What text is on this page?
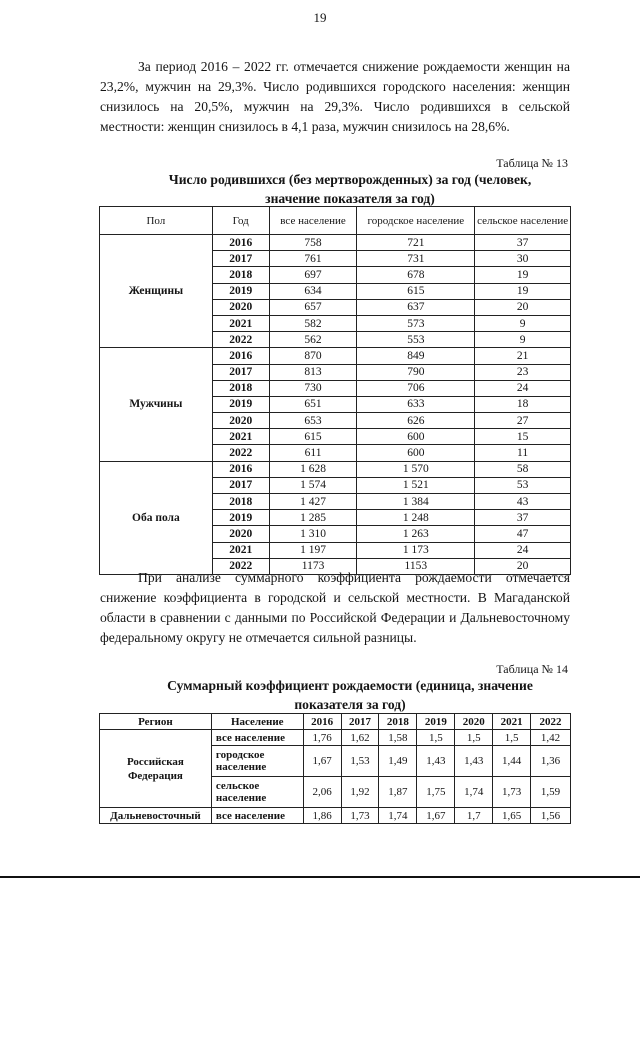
19

За период 2016 – 2022 гг. отмечается снижение рождаемости женщин на 23,2%, мужчин на 29,3%. Число родившихся городского населения: женщин снизилось на 20,5%, мужчин на 29,3%. Число родившихся в сельской местности: женщин снизилось в 4,1 раза, мужчин снизилось на 28,6%.

Таблица № 13
Число родившихся (без мертворожденных) за год (человек, значение показателя за год)
Пол	Год	все население	городское население	сельское население
Женщины	2016	758	721	37
	2017	761	731	30
	2018	697	678	19
	2019	634	615	19
	2020	657	637	20
	2021	582	573	9
	2022	562	553	9
Мужчины	2016	870	849	21
	2017	813	790	23
	2018	730	706	24
	2019	651	633	18
	2020	653	626	27
	2021	615	600	15
	2022	611	600	11
Оба пола	2016	1 628	1 570	58
	2017	1 574	1 521	53
	2018	1 427	1 384	43
	2019	1 285	1 248	37
	2020	1 310	1 263	47
	2021	1 197	1 173	24
	2022	1173	1153	20

При анализе суммарного коэффициента рождаемости отмечается снижение коэффициента в городской и сельской местности. В Магаданской области в сравнении с данными по Российской Федерации и Дальневосточному федеральному округу не отмечается сильной разницы.

Таблица № 14
Суммарный коэффициент рождаемости (единица, значение показателя за год)
Регион	Население	2016	2017	2018	2019	2020	2021	2022
Российская Федерация	все население	1,76	1,62	1,58	1,5	1,5	1,5	1,42
	городское население	1,67	1,53	1,49	1,43	1,43	1,44	1,36
	сельское население	2,06	1,92	1,87	1,75	1,74	1,73	1,59
Дальневосточный	все население	1,86	1,73	1,74	1,67	1,7	1,65	1,56
